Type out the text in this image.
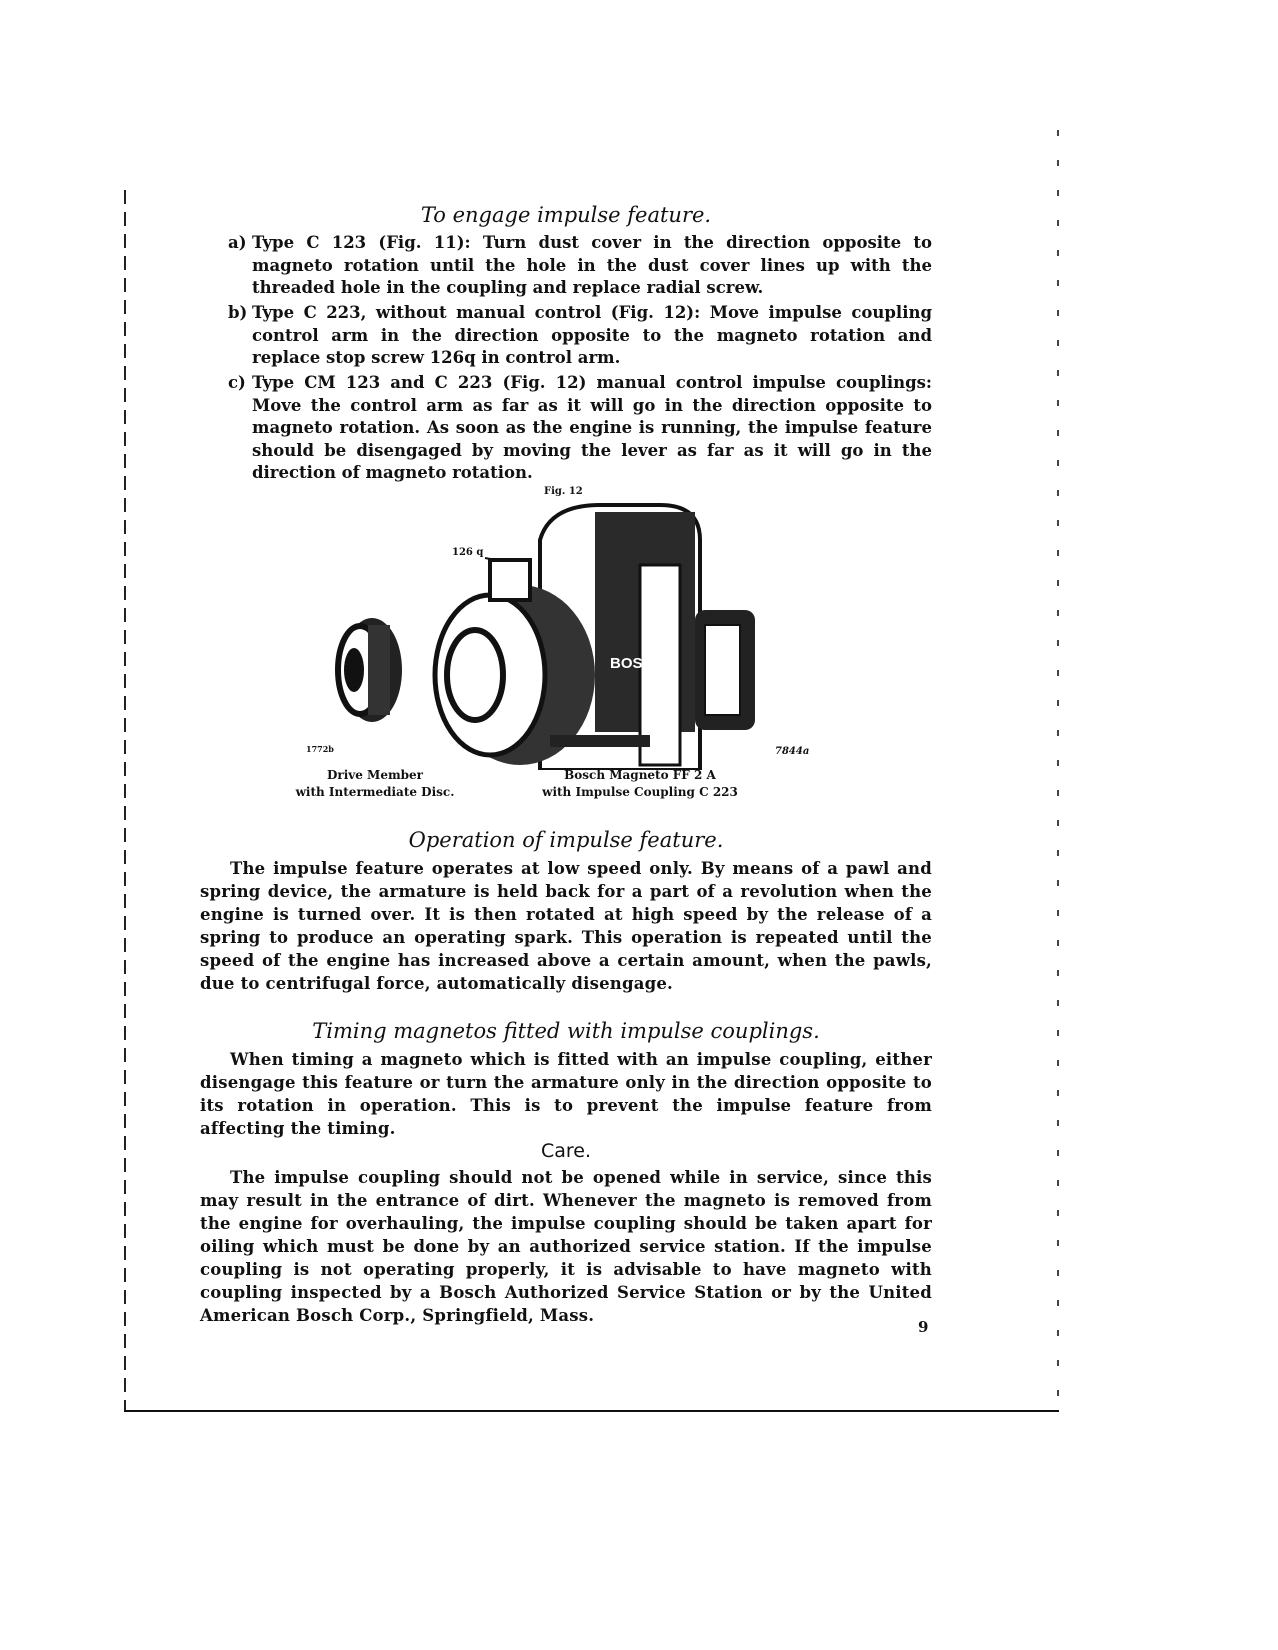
To engage impulse feature.
a) Type C 123 (Fig. 11): Turn dust cover in the direction opposite to magneto rotation until the hole in the dust cover lines up with the threaded hole in the coupling and replace radial screw.
b) Type C 223, without manual control (Fig. 12): Move impulse coupling control arm in the direction opposite to the magneto rotation and replace stop screw 126q in control arm.
c) Type CM 123 and C 223 (Fig. 12) manual control impulse couplings: Move the control arm as far as it will go in the direction opposite to magneto rotation. As soon as the engine is running, the impulse feature should be disengaged by moving the lever as far as it will go in the direction of magneto rotation.
Fig. 12
126 q
BOSCH
1772b	7844a
Drive Member
with Intermediate Disc.
Bosch Magneto FF 2 A
with Impulse Coupling C 223
Operation of impulse feature.
The impulse feature operates at low speed only. By means of a pawl and spring device, the armature is held back for a part of a revolution when the engine is turned over. It is then rotated at high speed by the release of a spring to produce an operating spark. This operation is repeated until the speed of the engine has increased above a certain amount, when the pawls, due to centrifugal force, automatically disengage.
Timing magnetos fitted with impulse couplings.
When timing a magneto which is fitted with an impulse coupling, either disengage this feature or turn the armature only in the direction opposite to its rotation in operation. This is to prevent the impulse feature from affecting the timing.
Care.
The impulse coupling should not be opened while in service, since this may result in the entrance of dirt. Whenever the magneto is removed from the engine for overhauling, the impulse coupling should be taken apart for oiling which must be done by an authorized service station. If the impulse coupling is not operating properly, it is advisable to have magneto with coupling inspected by a Bosch Authorized Service Station or by the United American Bosch Corp., Springfield, Mass.
9
